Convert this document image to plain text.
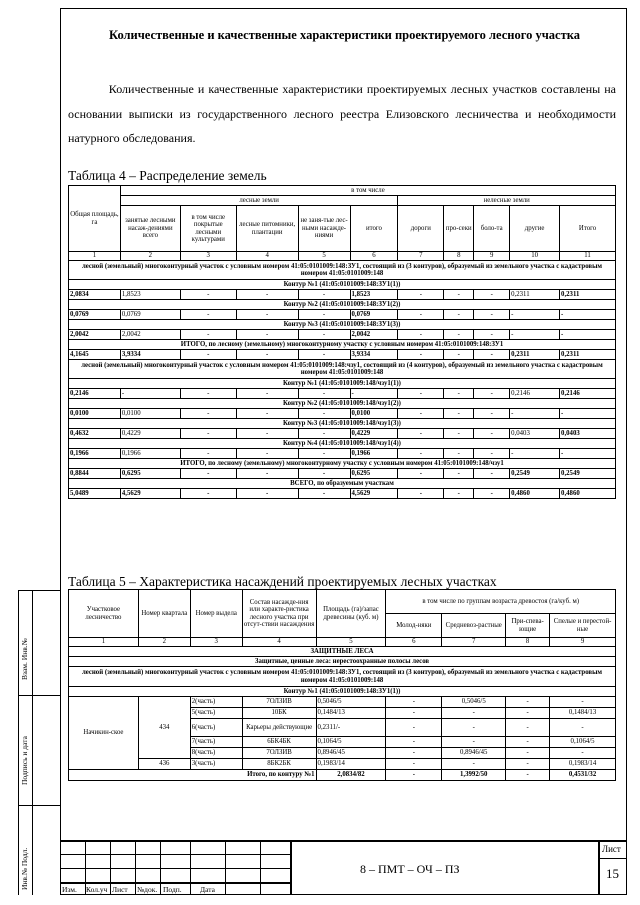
Взам. Инв.№
Подпись и дата
Инв.№ Подл.
Количественные и качественные характеристики проектируемого лесного участка
Количественные и качественные характеристики проектируемых лесных участков составлены на основании выписки из государственного лесного реестра Елизовского лесничества и необходимости натурного обследования.
Таблица 4 – Распределение земель
Общая площадь, га	в том числе									
	лесные земли					нелесные земли				
	занятые лесными насаж-дениями всего	в том числе покрытые лесными культурами	лесные питомники, плантации	не заня-тые лес-ными насажде-ниями	итого	дороги	про-секи	боло-та	другие	Итого
1	2	3	4	5	6	7	8	9	10	11
лесной (земельный) многоконтурный участок с условным номером 41:05:0101009:148:ЗУ1, состоящий из (3 контуров), образуемый из земельного участка с кадастровым номером 41:05:0101009:148										
Контур №1 (41:05:0101009:148:ЗУ1(1))										
2,0834	1,8523	-	-	-	1,8523	-	-	-	0,2311	0,2311
Контур №2 (41:05:0101009:148:ЗУ1(2))										
0,0769	0,0769	-	-	-	0,0769	-	-	-	-	-
Контур №3 (41:05:0101009:148:ЗУ1(3))										
2,0042	2,0042	-	-	-	2,0042	-	-	-	-	-
ИТОГО, по лесному (земельному) многоконтурному участку с условным номером 41:05:0101009:148:ЗУ1										
4,1645	3,9334	-	-	-	3,9334	-	-	-	0,2311	0,2311
лесной (земельный) многоконтурный участок с условным номером 41:05:0101009:148:чзу1, состоящий из (4 контуров), образуемый из земельного участка с кадастровым номером 41:05:0101009:148										
Контур №1 (41:05:0101009:148/чзу1(1))										
0,2146	-	-	-	-	-	-	-	-	0,2146	0,2146
Контур №2 (41:05:0101009:148/чзу1(2))										
0,0100	0,0100	-	-	-	0,0100	-	-	-	-	-
Контур №3 (41:05:0101009:148/чзу1(3))										
0,4632	0,4229	-	-	-	0,4229	-	-	-	0,0403	0,0403
Контур №4 (41:05:0101009:148/чзу1(4))										
0,1966	0,1966	-	-	-	0,1966	-	-	-	-	-
ИТОГО, по лесному (земельному) многоконтурному участку с условным номером 41:05:0101009:148/чзу1										
0,8844	0,6295	-	-	-	0,6295	-	-	-	0,2549	0,2549
ВСЕГО, по образуемым участкам										
5,0489	4,5629	-	-	-	4,5629	-	-	-	0,4860	0,4860
Таблица 5 – Характеристика насаждений проектируемых лесных участках
Участковое лесничество	Номер квартала	Номер выдела	Состав насажде-ния или характе-ристика лесного участка при отсут-ствии насаждения	Площадь (га)/запас древесины (куб. м)	в том числе по группам возраста древостоя (га/куб. м)			
					Молод-няки	Средневоз-растные	При-спева-ющие	Спелые и перестой-ные
1	2	3	4	5	6	7	8	9
ЗАЩИТНЫЕ ЛЕСА								
Защитные, ценные леса: нерестоохранные полосы лесов								
лесной (земельный) многоконтурный участок с условным номером 41:05:0101009:148:ЗУ1, состоящий из (3 контуров), образуемый из земельного участка с кадастровым номером 41:05:0101009:148								
Контур №1 (41:05:0101009:148:ЗУ1(1))								
Начикин-ское	434	2(часть)	7ОЛЗИВ	0,5046/5	-	0,5046/5	-	-
		5(часть)	10БК	0,1484/13	-	-	-	0,1484/13
		6(часть)	Карьеры действующие	0,2311/-	-	-	-	-
		7(часть)	6БК4БК	0,1064/5	-	-	-	0,1064/5
		8(часть)	7ОЛЗИВ	0,8946/45	-	0,8946/45	-	-
	436	3(часть)	8БК2БК	0,1983/14	-	-	-	0,1983/14
Итого, по контуру №1				2,0834/82	-	1,3992/50	-	0,4531/32
8 – ПМТ – ОЧ – ПЗ
Лист
15
Изм. Кол.уч Лист №док. Подп. Дата
